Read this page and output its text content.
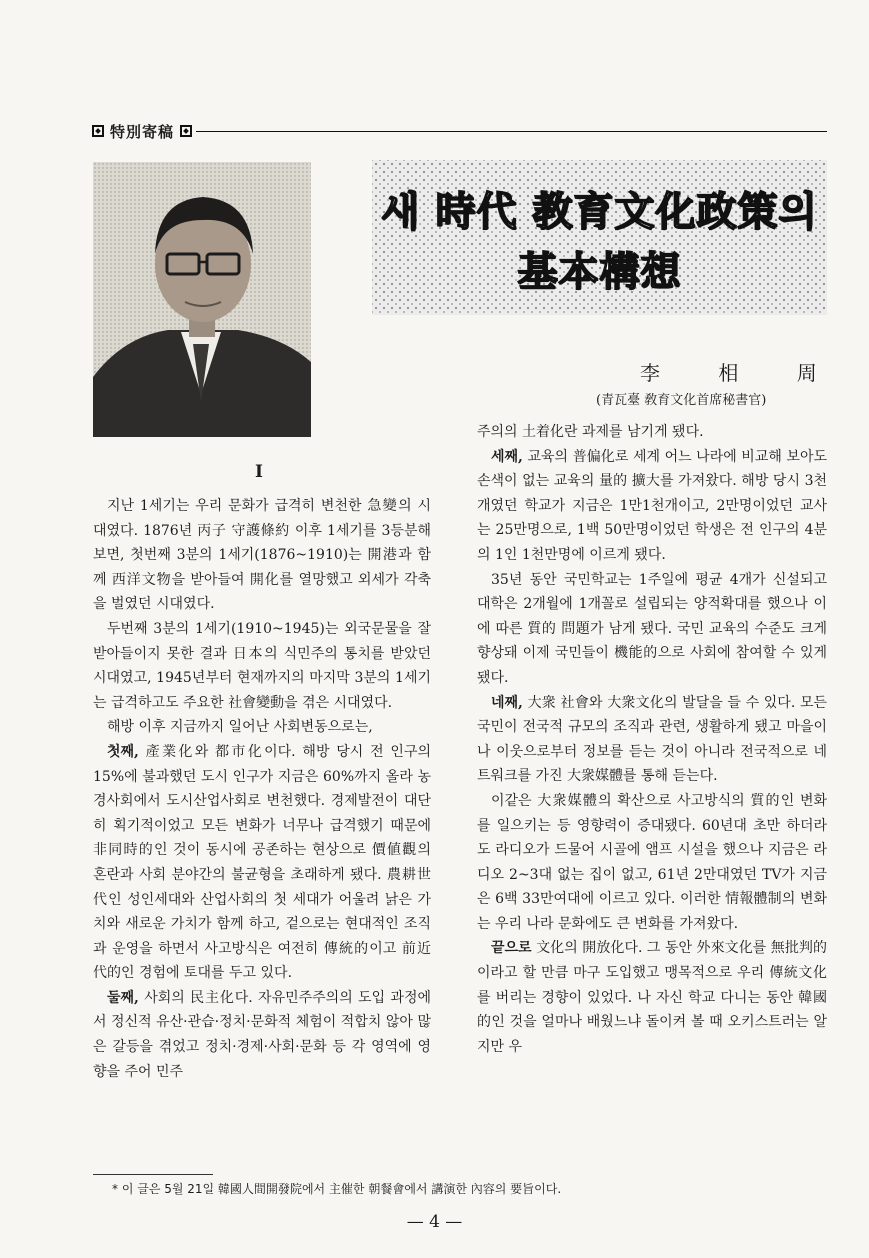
特別寄稿
새 時代 教育文化政策의
基本構想
李 相 周
(青瓦臺 敎育文化首席秘書官)
I

지난 1세기는 우리 문화가 급격히 변천한 急變의 시대였다. 1876년 丙子 守護條約 이후 1세기를 3등분해 보면, 첫번째 3분의 1세기(1876~1910)는 開港과 함께 西洋文物을 받아들여 開化를 열망했고 외세가 각축을 벌였던 시대였다.

두번째 3분의 1세기(1910~1945)는 외국문물을 잘 받아들이지 못한 결과 日本의 식민주의 통치를 받았던 시대였고, 1945년부터 현재까지의 마지막 3분의 1세기는 급격하고도 주요한 社會變動을 겪은 시대였다.

해방 이후 지금까지 일어난 사회변동으로는,

첫째, 產業化와 都市化이다. 해방 당시 전 인구의 15%에 불과했던 도시 인구가 지금은 60%까지 올라 농경사회에서 도시산업사회로 변천했다. 경제발전이 대단히 획기적이었고 모든 변화가 너무나 급격했기 때문에 非同時的인 것이 동시에 공존하는 현상으로 價値觀의 혼란과 사회 분야간의 불균형을 초래하게 됐다. 農耕世代인 성인세대와 산업사회의 첫 세대가 어울려 낡은 가치와 새로운 가치가 함께 하고, 겉으로는 현대적인 조직과 운영을 하면서 사고방식은 여전히 傳統的이고 前近代的인 경험에 토대를 두고 있다.

둘째, 사회의 民主化다. 자유민주주의의 도입 과정에서 정신적 유산·관습·정치·문화적 체험이 적합치 않아 많은 갈등을 겪었고 정치·경제·사회·문화 등 각 영역에 영향을 주어 민주

주의의 土着化란 과제를 남기게 됐다.

세째, 교육의 普偏化로 세계 어느 나라에 비교해 보아도 손색이 없는 교육의 量的 擴大를 가져왔다. 해방 당시 3천개였던 학교가 지금은 1만1천개이고, 2만명이었던 교사는 25만명으로, 1백 50만명이었던 학생은 전 인구의 4분의 1인 1천만명에 이르게 됐다.

35년 동안 국민학교는 1주일에 평균 4개가 신설되고 대학은 2개월에 1개꼴로 설립되는 양적확대를 했으나 이에 따른 質的 問題가 남게 됐다. 국민 교육의 수준도 크게 향상돼 이제 국민들이 機能的으로 사회에 참여할 수 있게 됐다.

네째, 大衆 社會와 大衆文化의 발달을 들 수 있다. 모든 국민이 전국적 규모의 조직과 관련, 생활하게 됐고 마을이나 이웃으로부터 정보를 듣는 것이 아니라 전국적으로 네트워크를 가진 大衆媒體를 통해 듣는다.

이같은 大衆媒體의 확산으로 사고방식의 質的인 변화를 일으키는 등 영향력이 증대됐다. 60년대 초만 하더라도 라디오가 드물어 시골에 앰프 시설을 했으나 지금은 라디오 2~3대 없는 집이 없고, 61년 2만대였던 TV가 지금은 6백 33만여대에 이르고 있다. 이러한 情報體制의 변화는 우리 나라 문화에도 큰 변화를 가져왔다.

끝으로 文化의 開放化다. 그 동안 外來文化를 無批判的이라고 할 만큼 마구 도입했고 맹목적으로 우리 傳統文化를 버리는 경향이 있었다. 나 자신 학교 다니는 동안 韓國的인 것을 얼마나 배웠느냐 돌이켜 볼 때 오키스트러는 알지만 우

* 이 글은 5월 21일 韓國人間開發院에서 主催한 朝餐會에서 講演한 內容의 要旨이다.
— 4 —
